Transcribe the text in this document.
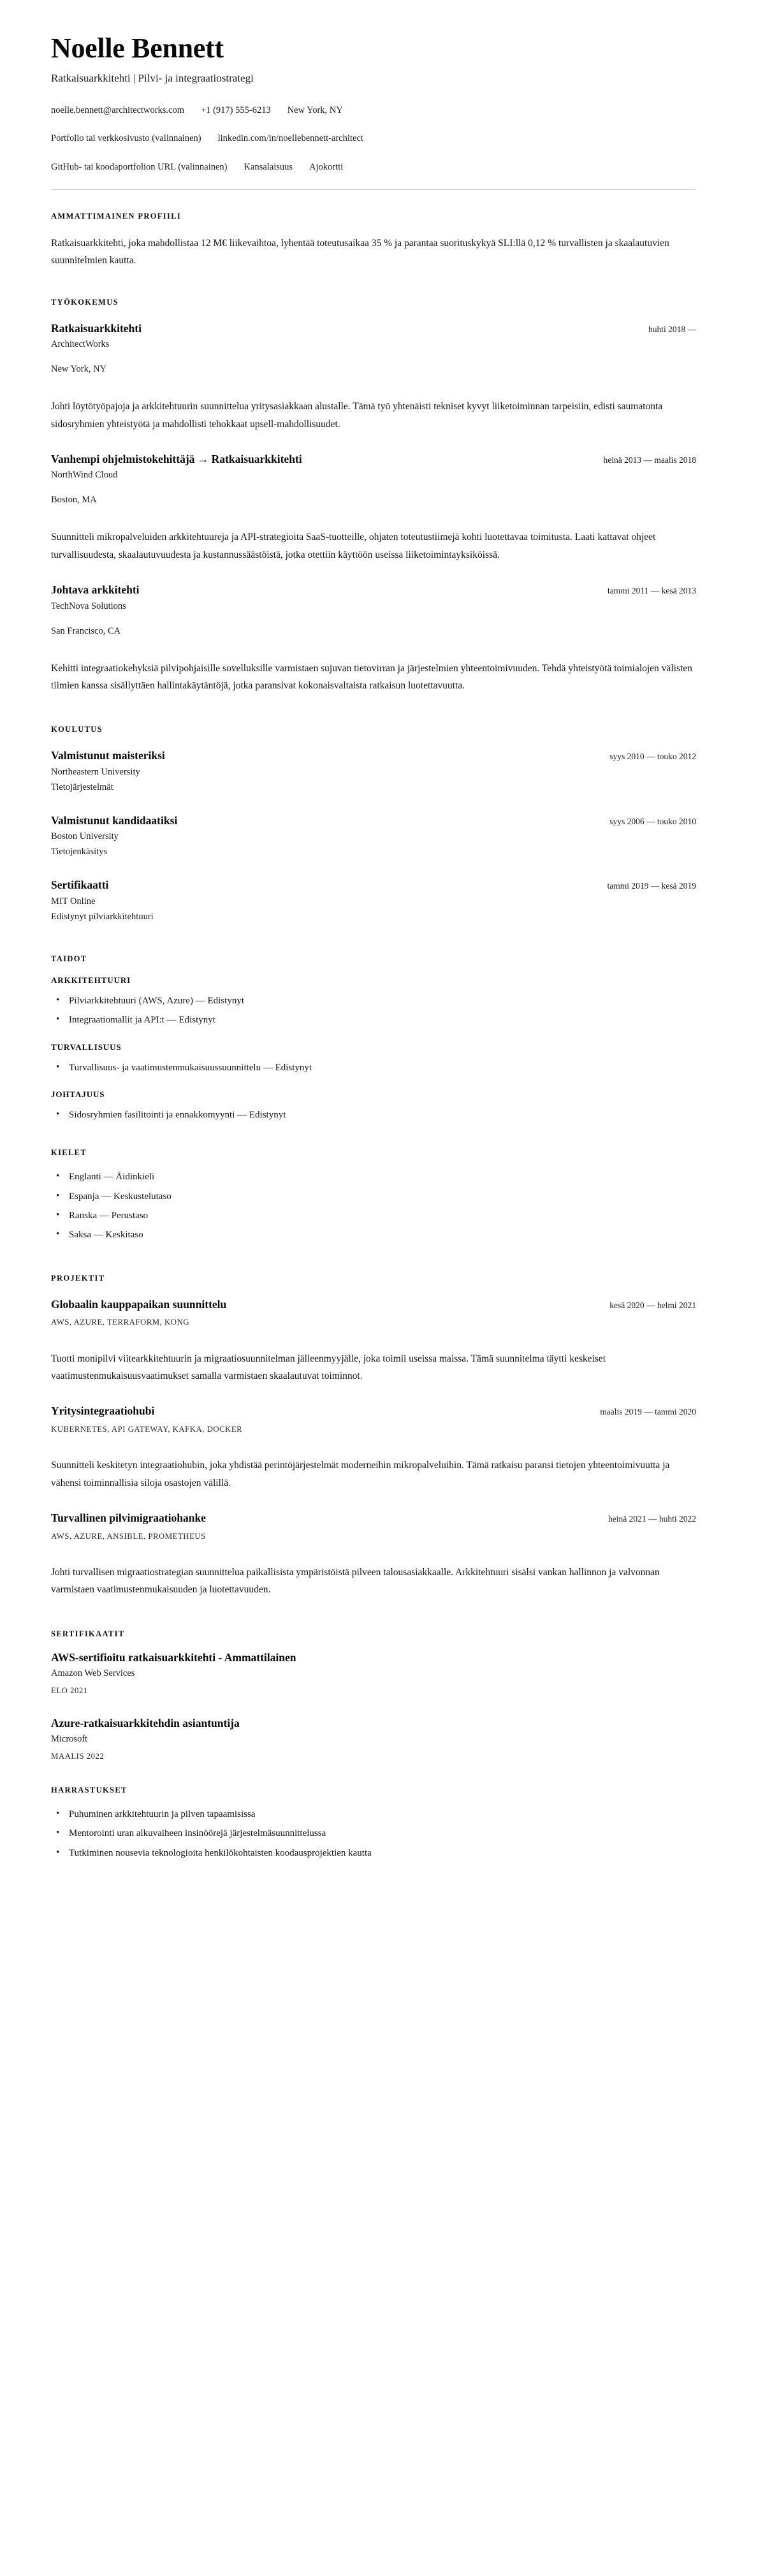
Noelle Bennett
Ratkaisuarkkitehti | Pilvi- ja integraatiostrategi
noelle.bennett@architectworks.com +1 (917) 555-6213 New York, NY
Portfolio tai verkkosivusto (valinnainen) linkedin.com/in/noellebennett-architect
GitHub- tai koodaportfolion URL (valinnainen) Kansalaisuus Ajokortti
AMMATTIMAINEN PROFIILI

Ratkaisuarkkitehti, joka mahdollistaa 12 M€ liikevaihtoa, lyhentää toteutusaikaa 35 % ja parantaa suorituskykyä SLI:llä 0,12 % turvallisten ja skaalautuvien suunnitelmien kautta.

TYÖKOKEMUS
Ratkaisuarkkitehti	huhti 2018 —
ArchitectWorks
New York, NY

Johti löytötyöpajoja ja arkkitehtuurin suunnittelua yritysasiakkaan alustalle. Tämä työ yhtenäisti tekniset kyvyt liiketoiminnan tarpeisiin, edisti saumatonta sidosryhmien yhteistyötä ja mahdollisti tehokkaat upsell-mahdollisuudet.

Vanhempi ohjelmistokehittäjä → Ratkaisuarkkitehti	heinä 2013 — maalis 2018
NorthWind Cloud
Boston, MA

Suunnitteli mikropalveluiden arkkitehtuureja ja API-strategioita SaaS-tuotteille, ohjaten toteutustiimejä kohti luotettavaa toimitusta. Laati kattavat ohjeet turvallisuudesta, skaalautuvuudesta ja kustannussäästöistä, jotka otettiin käyttöön useissa liiketoimintayksiköissä.

Johtava arkkitehti	tammi 2011 — kesä 2013
TechNova Solutions
San Francisco, CA

Kehitti integraatiokehyksiä pilvipohjaisille sovelluksille varmistaen sujuvan tietovirran ja järjestelmien yhteentoimivuuden. Tehdä yhteistyötä toimialojen välisten tiimien kanssa sisällyttäen hallintakäytäntöjä, jotka paransivat kokonaisvaltaista ratkaisun luotettavuutta.

KOULUTUS
Valmistunut maisteriksi	syys 2010 — touko 2012
Northeastern University
Tietojärjestelmät
Valmistunut kandidaatiksi	syys 2006 — touko 2010
Boston University
Tietojenkäsitys
Sertifikaatti	tammi 2019 — kesä 2019
MIT Online
Edistynyt pilviarkkitehtuuri
TAIDOT
ARKKITEHTUURI
• Pilviarkkitehtuuri (AWS, Azure) — Edistynyt
• Integraatiomallit ja API:t — Edistynyt
TURVALLISUUS
• Turvallisuus- ja vaatimustenmukaisuussuunnittelu — Edistynyt
JOHTAJUUS
• Sidosryhmien fasilitointi ja ennakkomyynti — Edistynyt
KIELET
• Englanti — Äidinkieli
• Espanja — Keskustelutaso
• Ranska — Perustaso
• Saksa — Keskitaso
PROJEKTIT
Globaalin kauppapaikan suunnittelu	kesä 2020 — helmi 2021
AWS, AZURE, TERRAFORM, KONG

Tuotti monipilvi viitearkkitehtuurin ja migraatiosuunnitelman jälleenmyyjälle, joka toimii useissa maissa. Tämä suunnitelma täytti keskeiset vaatimustenmukaisuusvaatimukset samalla varmistaen skaalautuvat toiminnot.

Yritysintegraatiohubi	maalis 2019 — tammi 2020
KUBERNETES, API GATEWAY, KAFKA, DOCKER

Suunnitteli keskitetyn integraatiohubin, joka yhdistää perintöjärjestelmät moderneihin mikropalveluihin. Tämä ratkaisu paransi tietojen yhteentoimivuutta ja vähensi toiminnallisia siloja osastojen välillä.

Turvallinen pilvimigraatiohanke	heinä 2021 — huhti 2022
AWS, AZURE, ANSIBLE, PROMETHEUS

Johti turvallisen migraatiostrategian suunnittelua paikallisista ympäristöistä pilveen talousasiakkaalle. Arkkitehtuuri sisälsi vankan hallinnon ja valvonnan varmistaen vaatimustenmukaisuuden ja luotettavuuden.

SERTIFIKAATIT
AWS-sertifioitu ratkaisuarkkitehti - Ammattilainen
Amazon Web Services
ELO 2021
Azure-ratkaisuarkkitehdin asiantuntija
Microsoft
MAALIS 2022
HARRASTUKSET
• Puhuminen arkkitehtuurin ja pilven tapaamisissa
• Mentorointi uran alkuvaiheen insinöörejä järjestelmäsuunnittelussa
• Tutkiminen nousevia teknologioita henkilökohtaisten koodausprojektien kautta
